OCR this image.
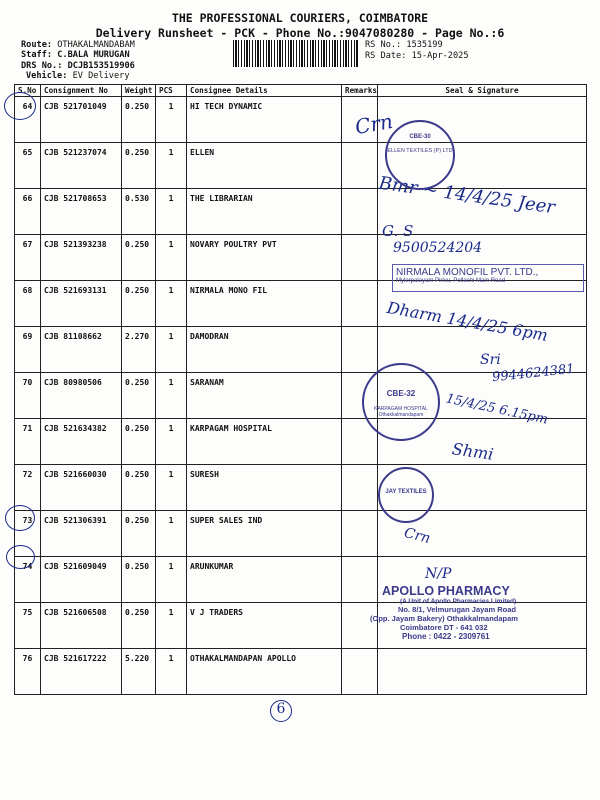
THE PROFESSIONAL COURIERS, COIMBATORE
Delivery Runsheet - PCK - Phone No.:9047080280 - Page No.:6
Route: OTHAKALMANDABAM
Staff: C.BALA MURUGAN
DRS No.: DCJB153519906
Vehicle: EV Delivery
RS No.: 1535199
RS Date: 15-Apr-2025
S.No	Consignment No	Weight	PCS	Consignee Details	Remarks	Seal & Signature
64	CJB 521701049	0.250	1	HI TECH DYNAMIC		
65	CJB 521237074	0.250	1	ELLEN		
66	CJB 521708653	0.530	1	THE LIBRARIAN		
67	CJB 521393238	0.250	1	NOVARY POULTRY PVT		
68	CJB 521693131	0.250	1	NIRMALA MONO FIL		
69	CJB 81108662	2.270	1	DAMODRAN		
70	CJB 80980506	0.250	1	SARANAM		
71	CJB 521634382	0.250	1	KARPAGAM HOSPITAL		
72	CJB 521660030	0.250	1	SURESH		
73	CJB 521306391	0.250	1	SUPER SALES IND		
74	CJB 521609049	0.250	1	ARUNKUMAR		
75	CJB 521606508	0.250	1	V J TRADERS		
76	CJB 521617222	5.220	1	OTHAKALMANDAPAN APOLLO		
Crn
Bmr ~ 14/4/25 Jeer
G. S
9500524204
Dharm 14/4/25 6pm
Sri
9944624381
15/4/25 6.15pm
Shmi
Crn
N/P
6
CBE-30
ELLEN TEXTILES (P) LTD
NIRMALA MONOFIL PVT. LTD.,
Mylerpalayam Pirivu, Pollachi Main Road
CBE-32
KARPAGAM HOSPITAL Othakkalmandapam
JAY TEXTILES
APOLLO PHARMACY
(A Unit of Apollo Pharmacies Limited)
No. 8/1, Velmurugan Jayam Road
(Opp. Jayam Bakery) Othakkalmandapam
Coimbatore DT - 641 032
Phone : 0422 - 2309761
